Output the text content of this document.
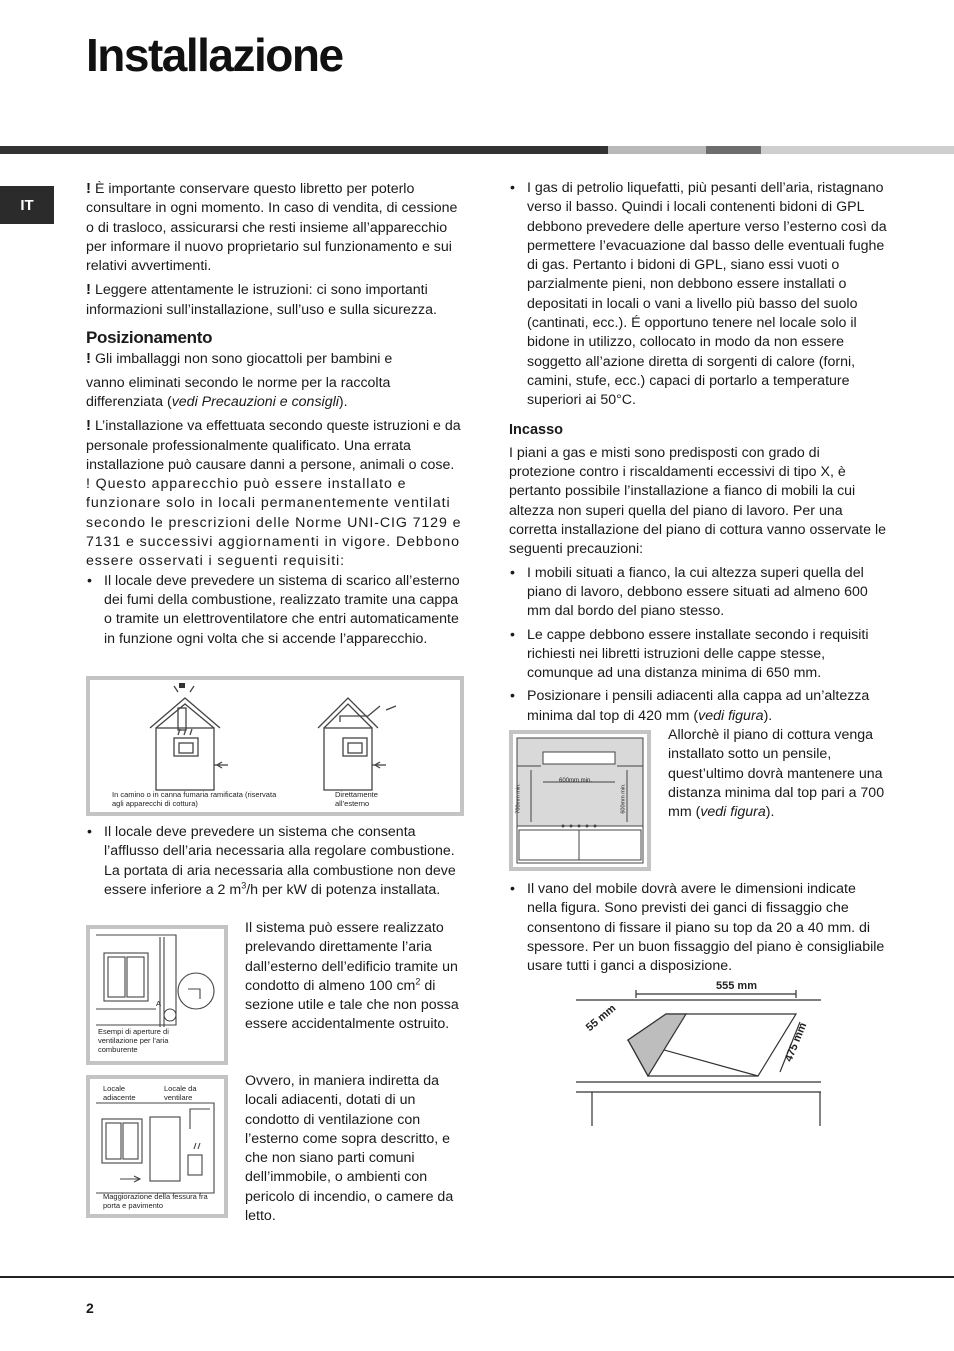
Installazione
IT

! È importante conservare questo libretto per poterlo consultare in ogni momento. In caso di vendita, di cessione o di trasloco, assicurarsi che resti insieme all’apparecchio per informare il nuovo proprietario sul funzionamento e sui relativi avvertimenti.

! Leggere attentamente le istruzioni: ci sono importanti informazioni sull’installazione, sull’uso e sulla sicurezza.

Posizionamento

! Gli imballaggi non sono giocattoli per bambini e

vanno eliminati secondo le norme per la raccolta differenziata (vedi Precauzioni e consigli).

! L’installazione va effettuata secondo queste istruzioni e da personale professionalmente qualificato. Una errata installazione può causare danni a persone, animali o cose.

! Questo apparecchio può essere installato e funzionare solo in locali permanentemente ventilati secondo le prescrizioni delle Norme UNI-CIG 7129 e 7131 e successivi aggiornamenti in vigore. Debbono essere osservati i seguenti requisiti:

• Il locale deve prevedere un sistema di scarico all’esterno dei fumi della combustione, realizzato tramite una cappa o tramite un elettroventilatore che entri automaticamente in funzione ogni volta che si accende l’apparecchio.

In camino o in canna fumaria ramificata (riservata agli apparecchi di cottura)
Direttamente all’esterno

• Il locale deve prevedere un sistema che consenta l’afflusso dell’aria necessaria alla regolare combustione. La portata di aria necessaria alla combustione non deve essere inferiore a 2 $m^3/h$ per kW di potenza installata.

A
Esempi di aperture di ventilazione per l’aria comburente

Il sistema può essere realizzato prelevando direttamente l’aria dall’esterno dell’edificio tramite un condotto di almeno 100 $cm^2$ di sezione utile e tale che non possa essere accidentalmente ostruito.

Locale adiacente
Locale da ventilare
Maggiorazione della fessura fra porta e pavimento

Ovvero, in maniera indiretta da locali adiacenti, dotati di un condotto di ventilazione con l’esterno come sopra descritto, e che non siano parti comuni dell’immobile, o ambienti con pericolo di incendio, o camere da letto.

• I gas di petrolio liquefatti, più pesanti dell’aria, ristagnano verso il basso. Quindi i locali contenenti bidoni di GPL debbono prevedere delle aperture verso l’esterno così da permettere l’evacuazione dal basso delle eventuali fughe di gas. Pertanto i bidoni di GPL, siano essi vuoti o parzialmente pieni, non debbono essere installati o depositati in locali o vani a livello più basso del suolo (cantinati, ecc.). É opportuno tenere nel locale solo il bidone in utilizzo, collocato in modo da non essere soggetto all’azione diretta di sorgenti di calore (forni, camini, stufe, ecc.) capaci di portarlo a temperature superiori ai 50°C.

Incasso

I piani a gas e misti sono predisposti con grado di protezione contro i riscaldamenti eccessivi di tipo X, è pertanto possibile l’installazione a fianco di mobili la cui altezza non superi quella del piano di lavoro. Per una corretta installazione del piano di cottura vanno osservate le seguenti precauzioni:

• I mobili situati a fianco, la cui altezza superi quella del piano di lavoro, debbono essere situati ad almeno 600 mm dal bordo del piano stesso.

• Le cappe debbono essere installate secondo i requisiti richiesti nei libretti istruzioni delle cappe stesse, comunque ad una distanza minima di 650 mm.

• Posizionare i pensili adiacenti alla cappa ad un’altezza minima dal top di 420 mm (vedi figura).

600mm min.
700mm min.	600mm min.

Allorchè il piano di cottura venga installato sotto un pensile, quest’ultimo dovrà mantenere una distanza minima dal top pari a 700 mm (vedi figura).

• Il vano del mobile dovrà avere le dimensioni indicate nella figura. Sono previsti dei ganci di fissaggio che consentono di fissare il piano su top da 20 a 40 mm. di spessore. Per un buon fissaggio del piano è consigliabile usare tutti i ganci a disposizione.

555 mm
55 mm
475 mm
2
